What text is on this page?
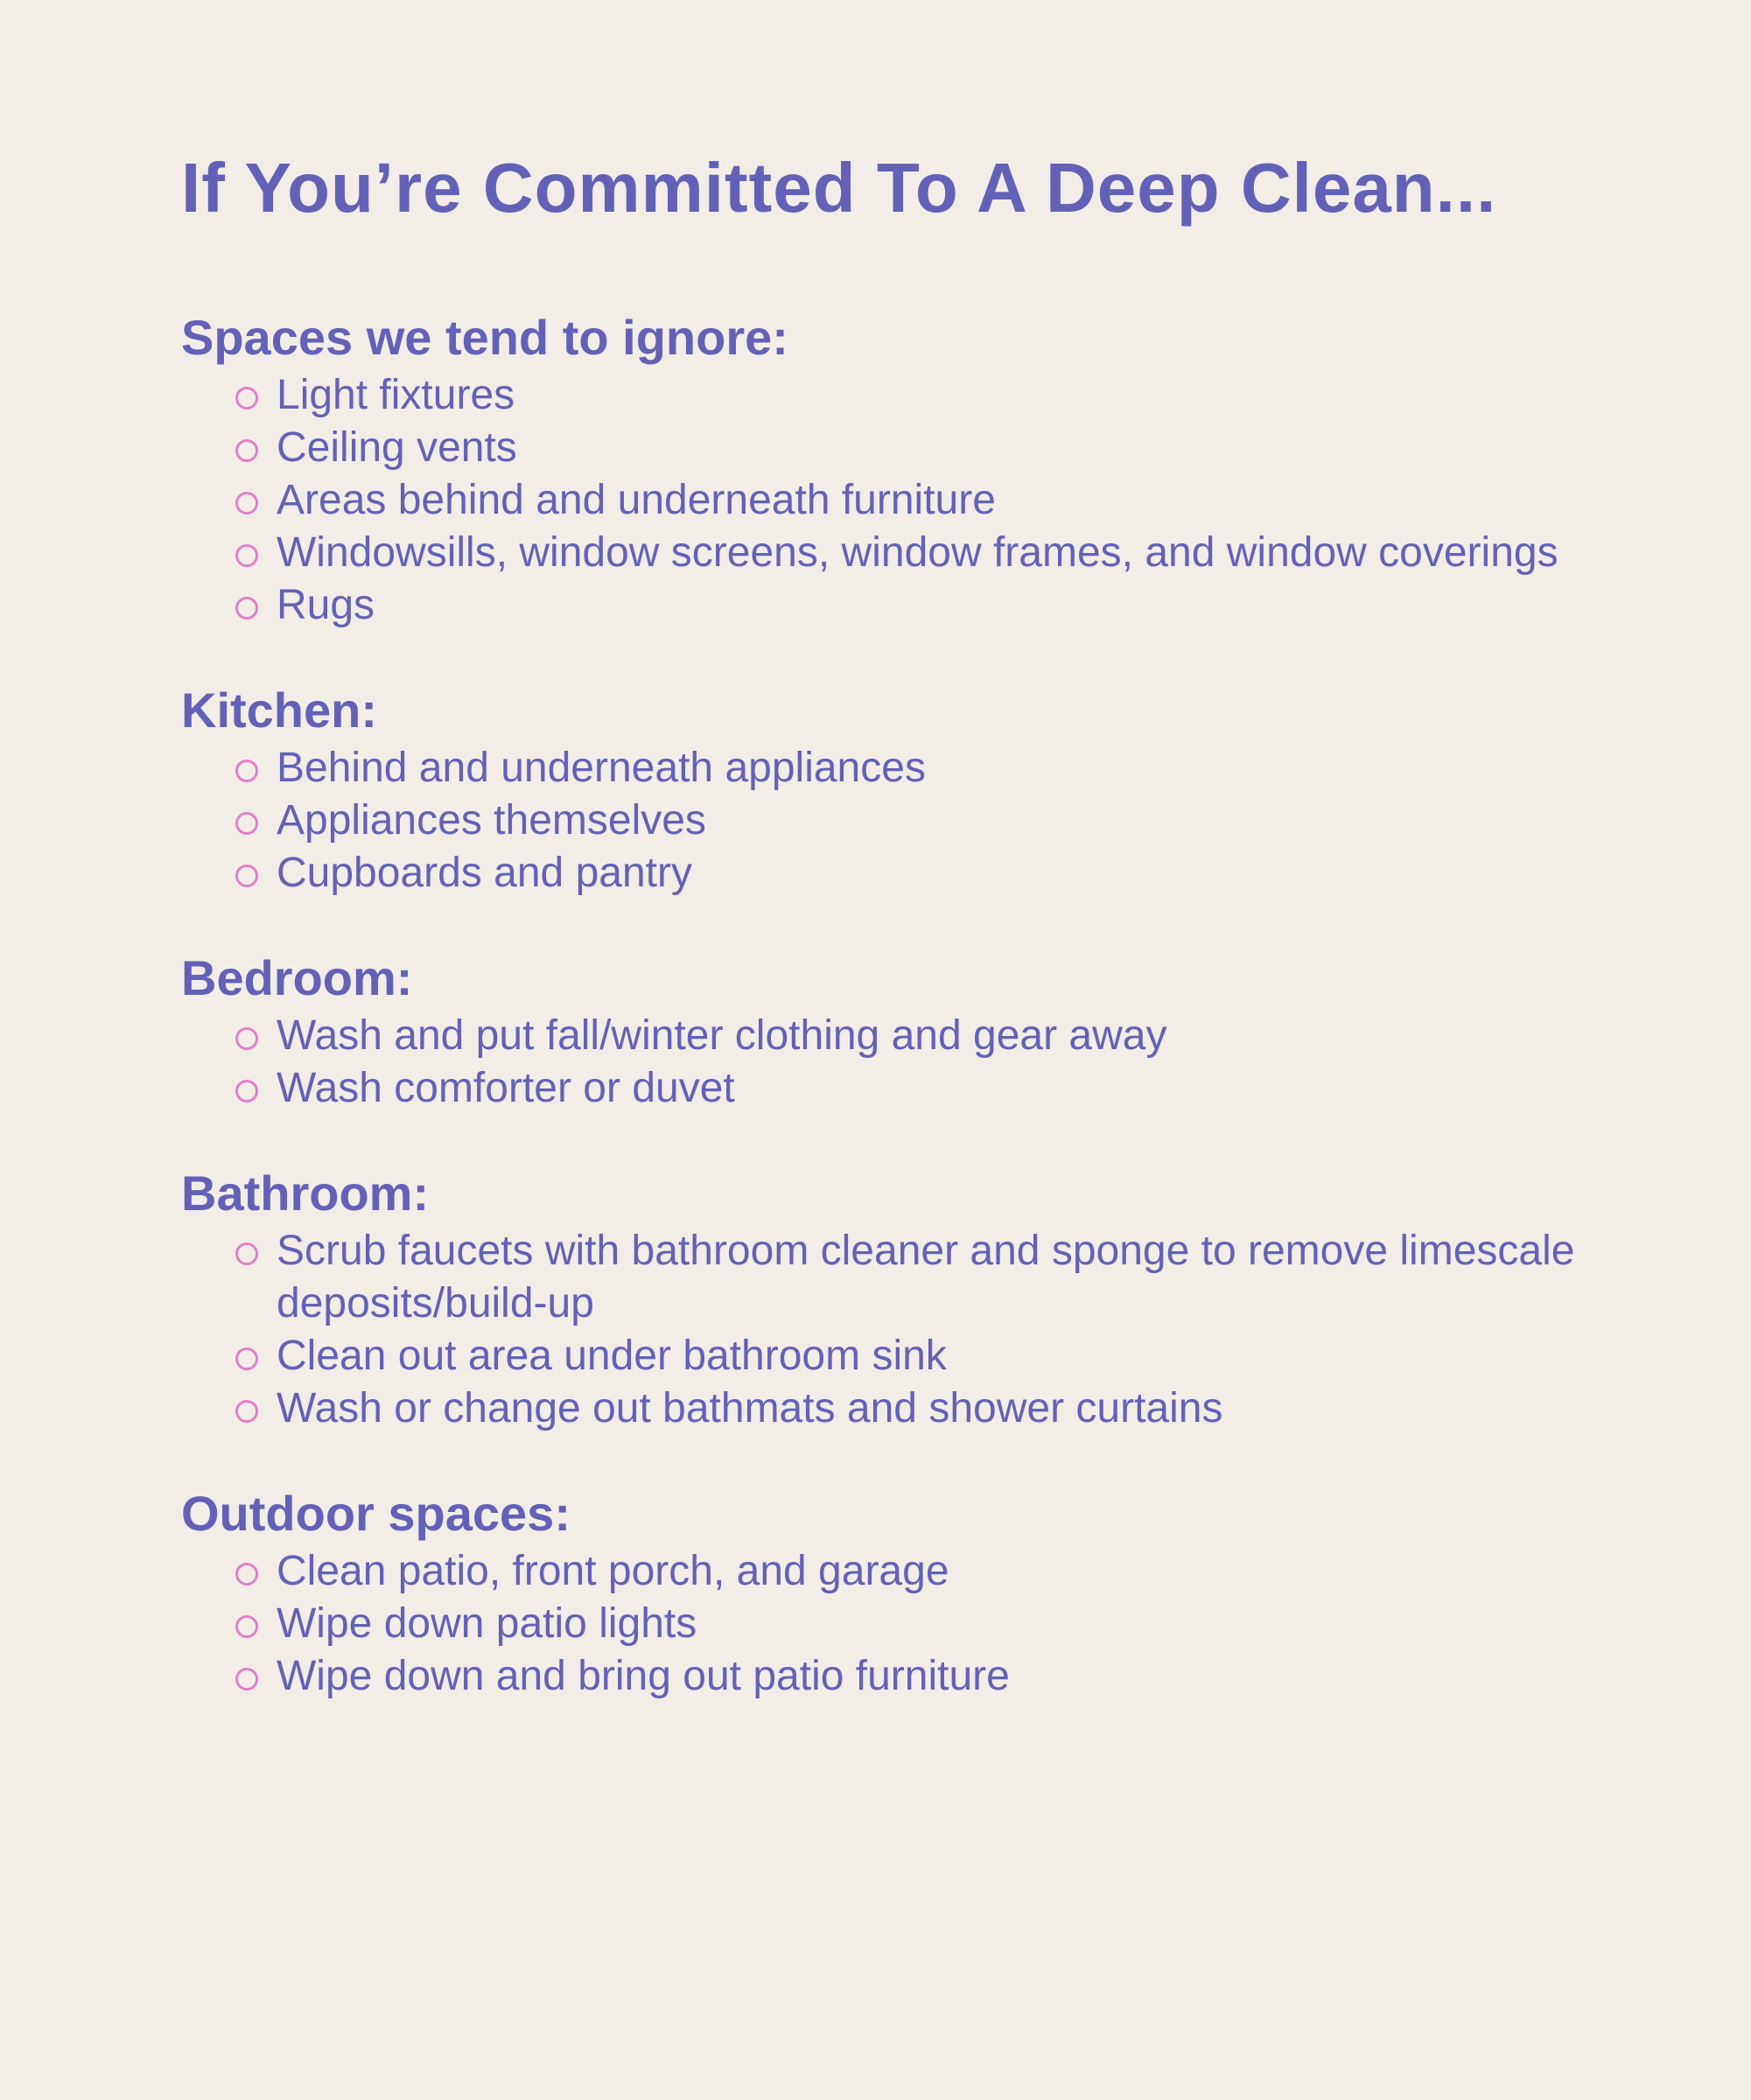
If You’re Committed To A Deep Clean...
Spaces we tend to ignore:
Light fixtures
Ceiling vents
Areas behind and underneath furniture
Windowsills, window screens, window frames, and window coverings
Rugs
Kitchen:
Behind and underneath appliances
Appliances themselves
Cupboards and pantry
Bedroom:
Wash and put fall/winter clothing and gear away
Wash comforter or duvet
Bathroom:
Scrub faucets with bathroom cleaner and sponge to remove limescale deposits/build-up
Clean out area under bathroom sink
Wash or change out bathmats and shower curtains
Outdoor spaces:
Clean patio, front porch, and garage
Wipe down patio lights
Wipe down and bring out patio furniture
